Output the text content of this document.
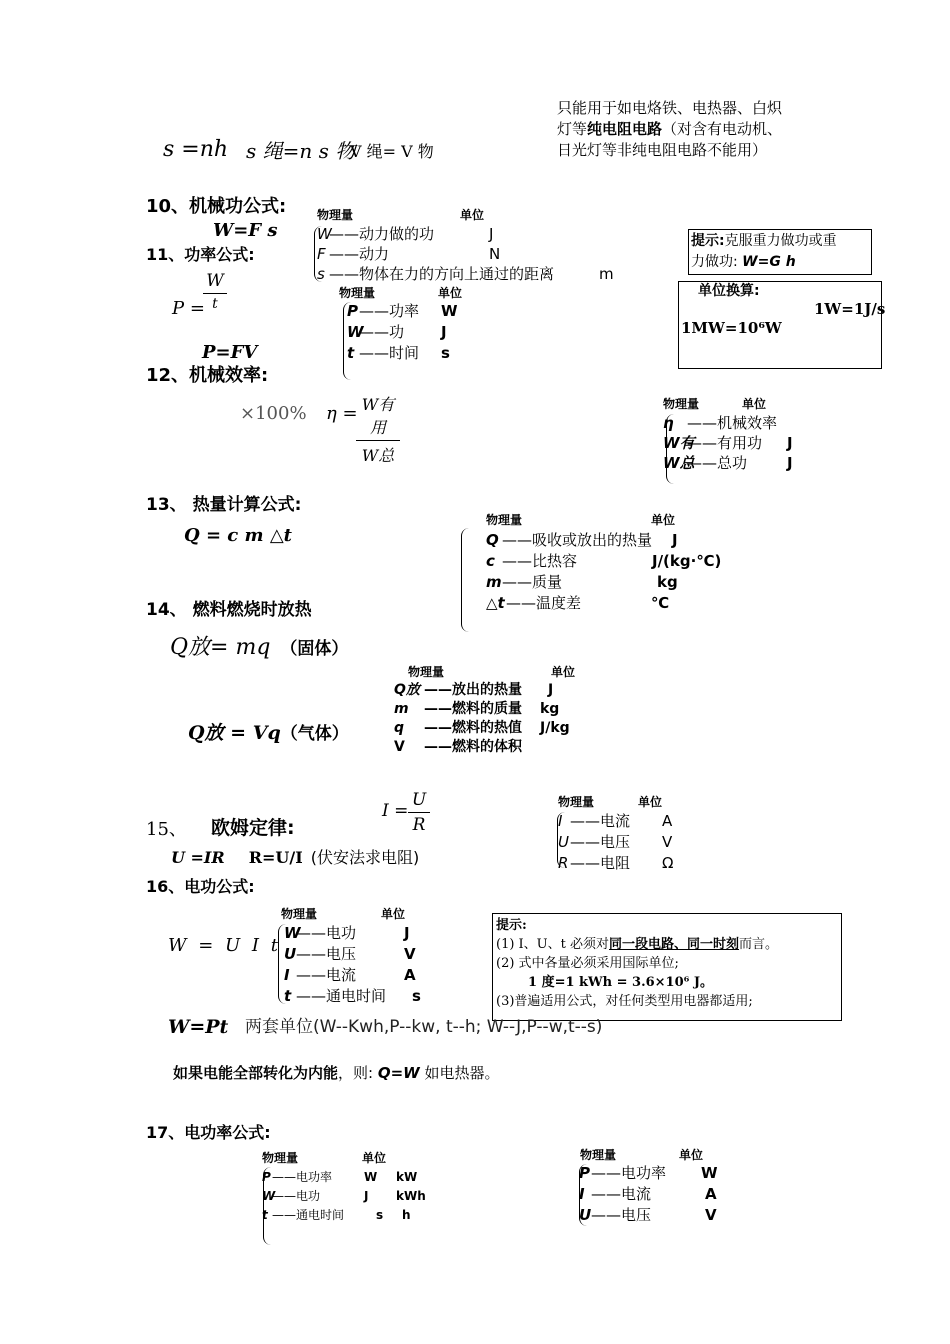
只能用于如电烙铁、电热器、白炽
灯等纯电阻电路（对含有电动机、
日光灯等非纯电阻电路不能用）
s =nh s 绳=n s 物
V 绳= V 物
10、机械功公式:
W=F s
物理量	单位
W——动力做的功	J
F ——动力	N
s ——物体在力的方向上通过的距离	m
提示:克服重力做功或重
力做功: W=G h
单位换算:
1W=1J/s
1MW=10⁶W
11、功率公式:
P =
W
t
P=FV
物理量	单位
P——功率 W
W——功 J
t ——时间 s
12、机械效率:
×100% η = W有用
W总
物理量	单位
η ——机械效率
W有——有用功 J
W总——总功	J
13、 热量计算公式:
Q = c m △t
物理量	单位
Q ——吸收或放出的热量 J
c ——比热容	J/(kg·℃)
m——质量	kg
△t——温度差	℃
14、 燃料燃烧时放热
Q放= mq （固体）
Q放 = Vq（气体）
物理量	单位
Q放 ——放出的热量 J
m ——燃料的质量 kg
q ——燃料的热值 J/kg
V ——燃料的体积
15、 欧姆定律:
$I = \frac{U}{R}$
U =IR R=U/I (伏安法求电阻)
物理量	单位
I ——电流 A
U——电压 V
R ——电阻 Ω
16、电功公式:
W = U I t
物理量	单位
W——电功	J
U——电压	V
I ——电流	A
t ——通电时间 s
提示:
(1) I、U、t 必须对同一段电路、同一时刻而言。
(2) 式中各量必须采用国际单位;
1 度=1 kWh = 3.6×10⁶ J。
(3)普遍适用公式，对任何类型用电器都适用;
W=Pt 两套单位(W--Kwh,P--kw, t--h; W--J,P--w,t--s)
如果电能全部转化为内能，则: Q=W 如电热器。
17、电功率公式:
物理量	单位
P——电功率	W kW
W——电功	J kWh
t ——通电时间	s h
物理量	单位
P——电功率 W
I ——电流	A
U——电压	V
